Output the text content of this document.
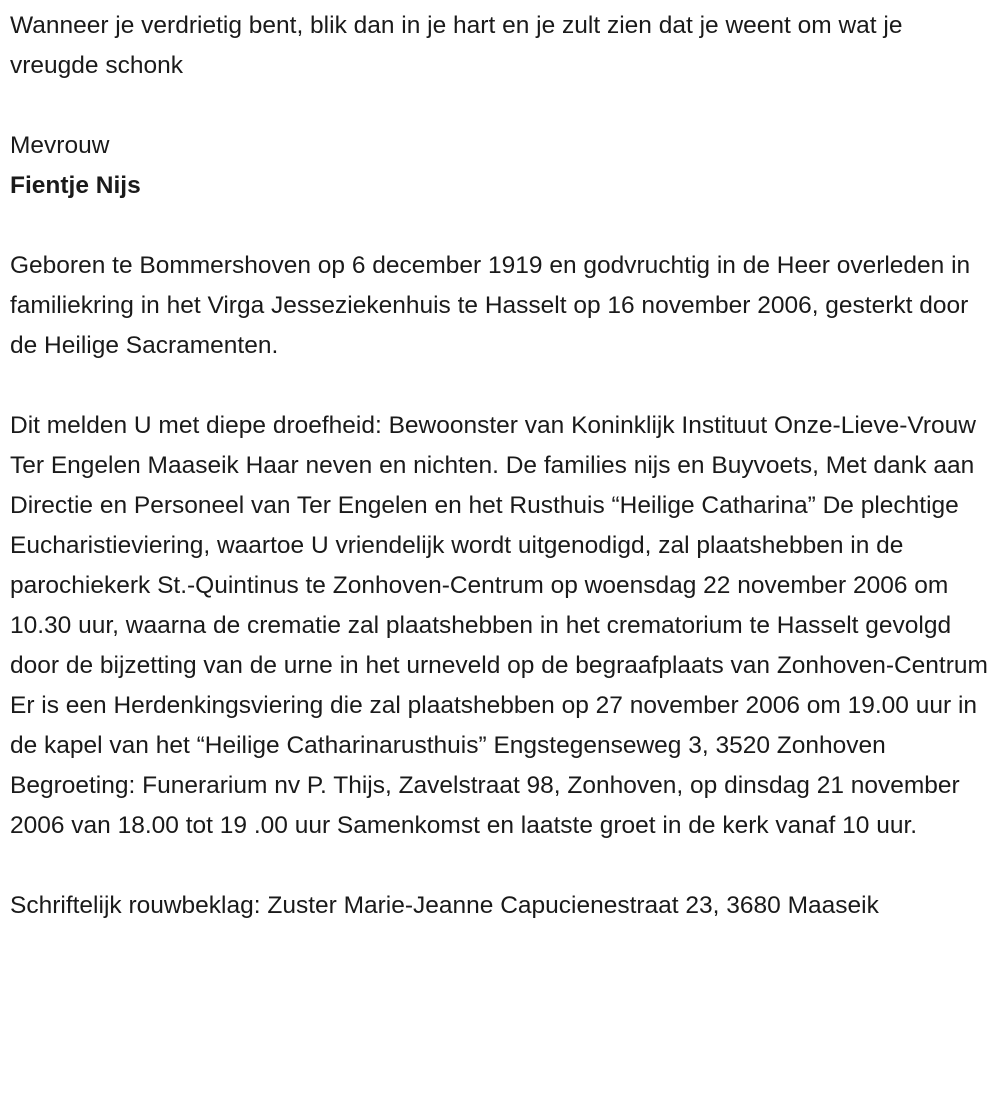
Wanneer je verdrietig bent, blik dan in je hart en je zult zien dat je weent om wat je vreugde schonk

Mevrouw

Fientje Nijs

Geboren te Bommershoven op 6 december 1919 en godvruchtig in de Heer overleden in familiekring in het Virga Jesseziekenhuis te Hasselt op 16 november 2006, gesterkt door de Heilige Sacramenten.

Dit melden U met diepe droefheid: Bewoonster van Koninklijk Instituut Onze-Lieve-Vrouw Ter Engelen Maaseik Haar neven en nichten. De families nijs en Buyvoets, Met dank aan Directie en Personeel van Ter Engelen en het Rusthuis “Heilige Catharina” De plechtige Eucharistieviering, waartoe U vriendelijk wordt uitgenodigd, zal plaatshebben in de parochiekerk St.-Quintinus te Zonhoven-Centrum op woensdag 22 november 2006 om 10.30 uur, waarna de crematie zal plaatshebben in het crematorium te Hasselt gevolgd door de bijzetting van de urne in het urneveld op de begraafplaats van Zonhoven-Centrum Er is een Herdenkingsviering die zal plaatshebben op 27 november 2006 om 19.00 uur in de kapel van het “Heilige Catharinarusthuis” Engstegenseweg 3, 3520 Zonhoven Begroeting: Funerarium nv P. Thijs, Zavelstraat 98, Zonhoven, op dinsdag 21 november 2006 van 18.00 tot 19 .00 uur Samenkomst en laatste groet in de kerk vanaf 10 uur.

Schriftelijk rouwbeklag: Zuster Marie-Jeanne Capucienestraat 23, 3680 Maaseik
